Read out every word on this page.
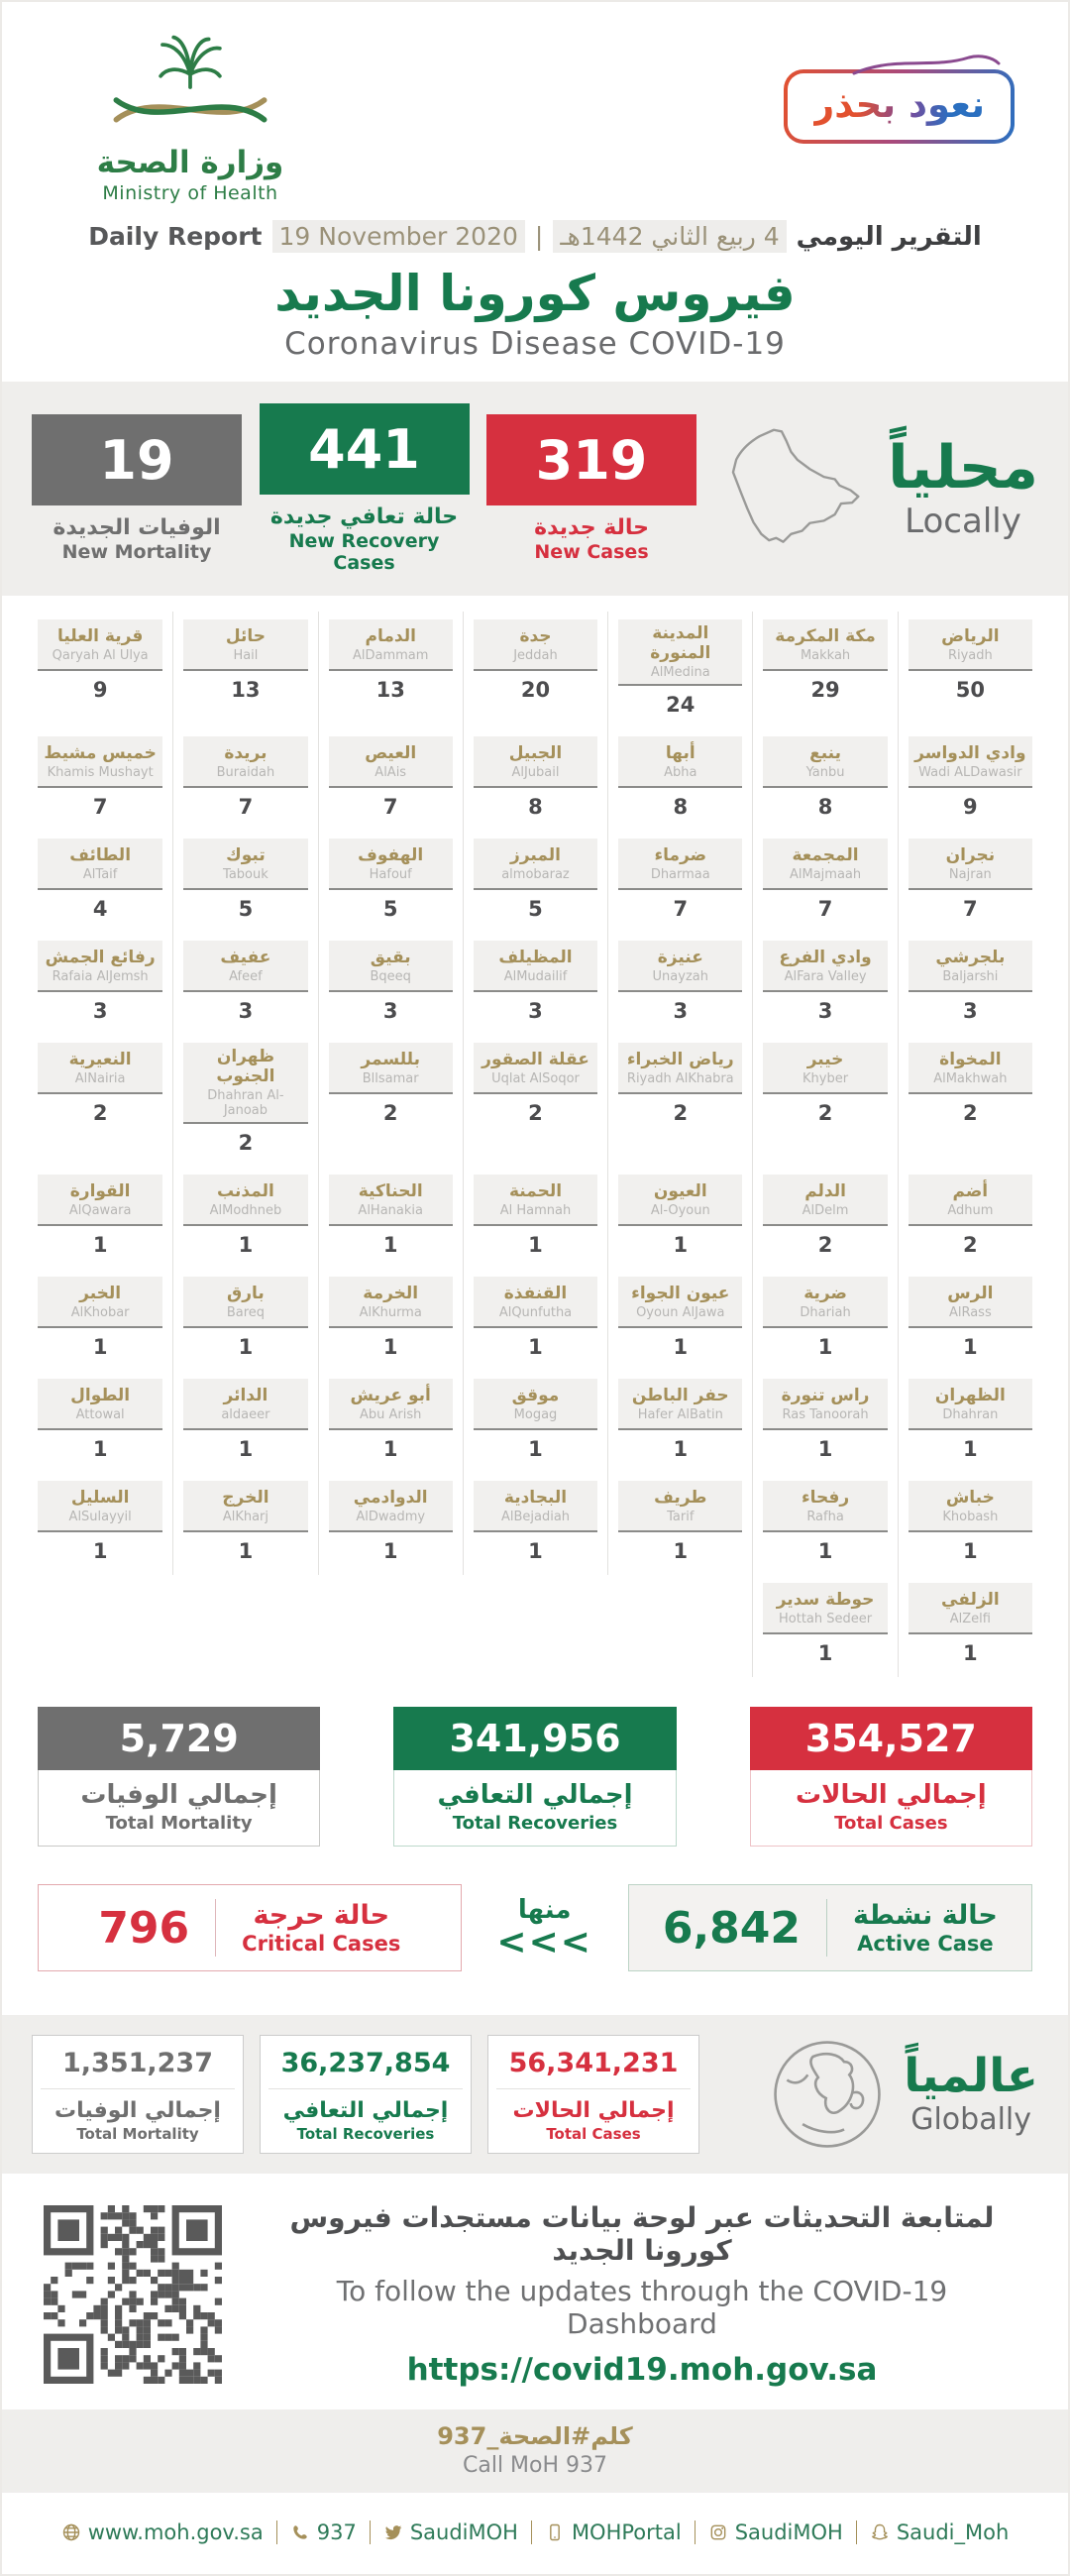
وزارة الصحة
Ministry of Health
نعود بحذر
Daily Report 19 November 2020 | 4 ربيع الثاني 1442هـ التقرير اليومي
فيروس كورونا الجديد
Coronavirus Disease COVID-19
19
الوفيات الجديدة
New Mortality
441
حالة تعافي جديدة
New Recovery Cases
319
حالة جديدة
New Cases
محلياً
Locally
قرية العليا
Qaryah Al Ulya
9
حائل
Hail
13
الدمام
AlDammam
13
جدة
Jeddah
20
المدينة المنورة
AlMedina
24
مكة المكرمة
Makkah
29
الرياض
Riyadh
50
خميس مشيط
Khamis Mushayt
7
بريدة
Buraidah
7
العيص
AlAis
7
الجبيل
AlJubail
8
أبها
Abha
8
ينبع
Yanbu
8
وادي الدواسر
Wadi ALDawasir
9
الطائف
AlTaif
4
تبوك
Tabouk
5
الهفوف
Hafouf
5
المبرز
almobaraz
5
ضرماء
Dharmaa
7
المجمعة
AlMajmaah
7
نجران
Najran
7
رفائع الجمش
Rafaia AlJemsh
3
عفيف
Afeef
3
بقيق
Bqeeq
3
المظيلف
AlMudailif
3
عنيزة
Unayzah
3
وادي الفرع
AlFara Valley
3
بلجرشي
Baljarshi
3
النعيرية
AlNairia
2
ظهران الجنوب
Dhahran Al-Janoab
2
بللسمر
Bllsamar
2
عقلة الصقور
Uqlat AlSoqor
2
رياض الخبراء
Riyadh AlKhabra
2
خيبر
Khyber
2
المخواة
AlMakhwah
2
القوارة
AlQawara
1
المذنب
AlModhneb
1
الحناكية
AlHanakia
1
الحمنة
Al Hamnah
1
العيون
Al-Oyoun
1
الدلم
AlDelm
2
أضم
Adhum
2
الخبر
AlKhobar
1
بارق
Bareq
1
الخرمة
AlKhurma
1
القنفذة
AlQunfutha
1
عيون الجواء
Oyoun AlJawa
1
ضرية
Dhariah
1
الرس
AlRass
1
الطوال
Attowal
1
الدائر
aldaeer
1
أبو عريش
Abu Arish
1
موقق
Mogag
1
حفر الباطن
Hafer AlBatin
1
راس تنورة
Ras Tanoorah
1
الظهران
Dhahran
1
السليل
AlSulayyil
1
الخرج
AlKharj
1
الدوادمي
AlDwadmy
1
البجادية
AlBejadiah
1
طريف
Tarif
1
رفحاء
Rafha
1
خباش
Khobash
1
حوطة سدير
Hottah Sedeer
1
الزلفي
AlZelfi
1
5,729
إجمالي الوفيات
Total Mortality
341,956
إجمالي التعافي
Total Recoveries
354,527
إجمالي الحالات
Total Cases
796	حالة حرجة
Critical Cases
منها
<<< 6,842 حالة نشطة
Active Case
1,351,237
إجمالي الوفيات
Total Mortality
36,237,854
إجمالي التعافي
Total Recoveries
56,341,231
إجمالي الحالات
Total Cases
عالمياً
Globally
لمتابعة التحديثات عبر لوحة بيانات مستجدات فيروس كورونا الجديد
To follow the updates through the COVID-19 Dashboard
https://covid19.moh.gov.sa
كلم#الصحة_937
Call MoH 937
www.moh.gov.sa	937	SaudiMOH	MOHPortal	SaudiMOH	Saudi_Moh
